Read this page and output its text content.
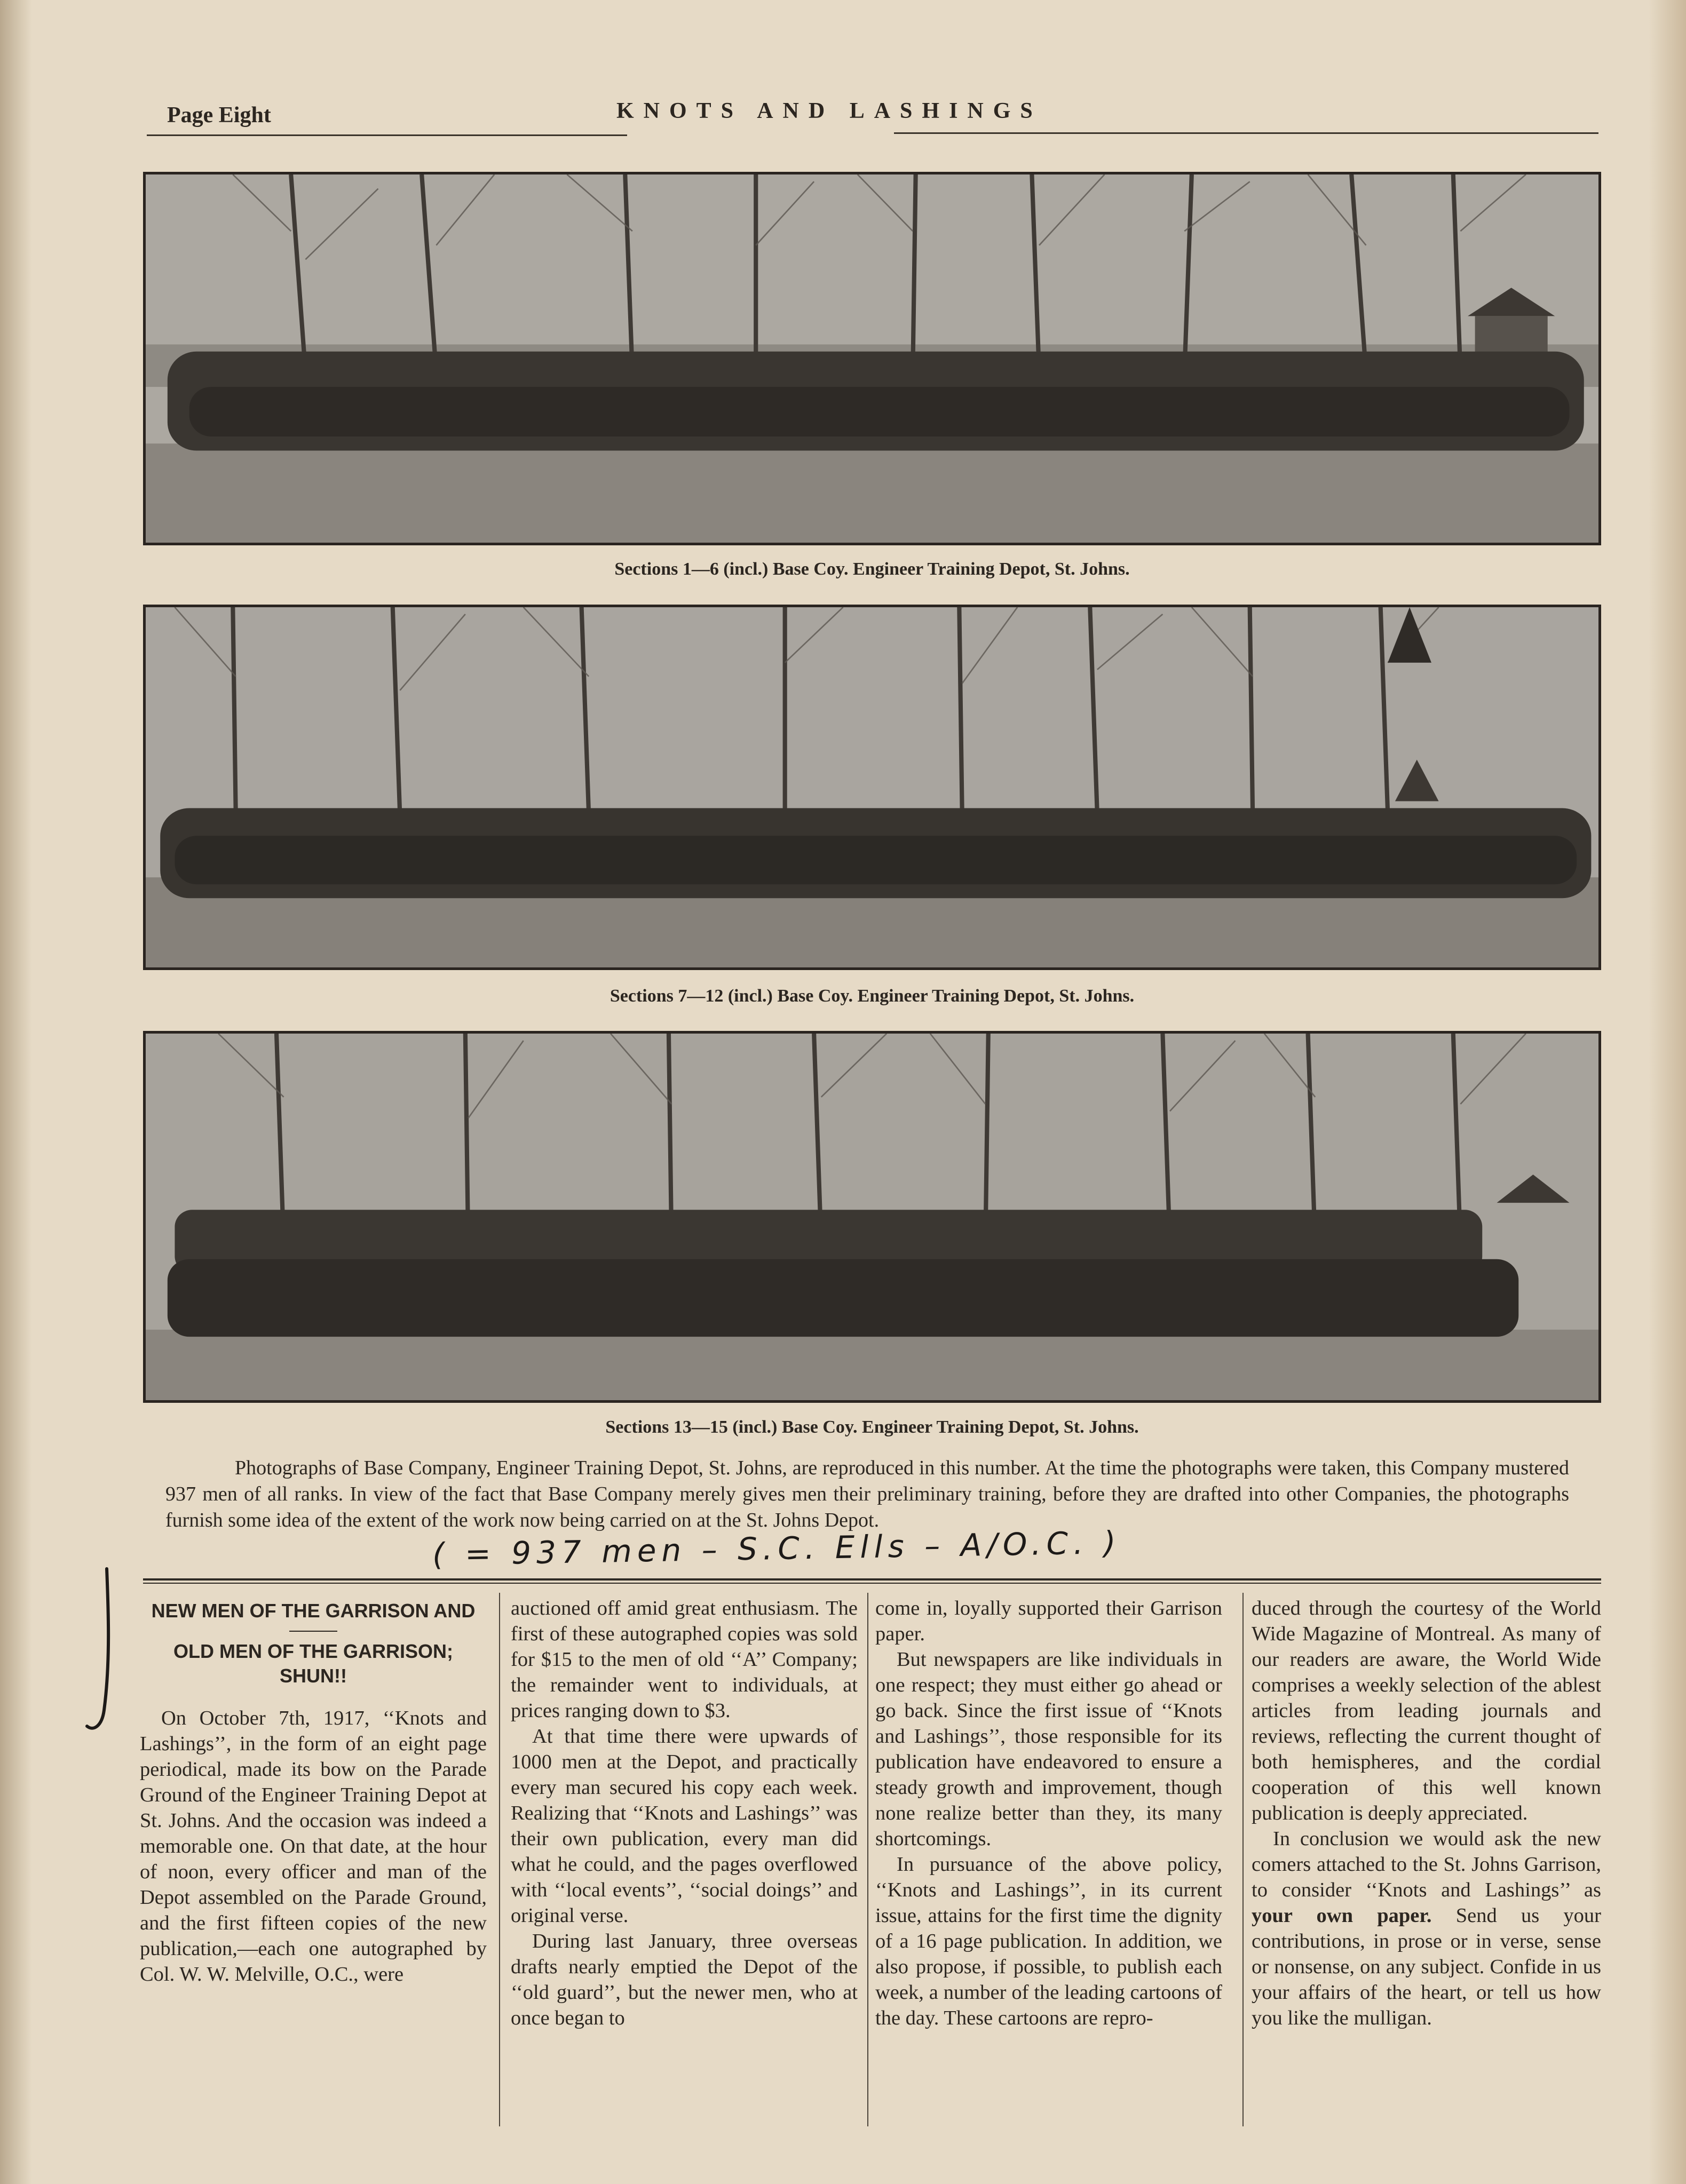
Page Eight	KNOTS AND LASHINGS
Sections 1—6 (incl.) Base Coy. Engineer Training Depot, St. Johns.
Sections 7—12 (incl.) Base Coy. Engineer Training Depot, St. Johns.
Sections 13—15 (incl.) Base Coy. Engineer Training Depot, St. Johns.
Photographs of Base Company, Engineer Training Depot, St. Johns, are reproduced in this number. At the time the photographs were taken, this Company mustered 937 men of all ranks. In view of the fact that Base Company merely gives men their preliminary training, before they are drafted into other Companies, the photographs furnish some idea of the extent of the work now being carried on at the St. Johns Depot.
( = 937 men – S.C. Ells – A/O.C. )
NEW MEN OF THE GARRISON AND
OLD MEN OF THE GARRISON; SHUN!!

On October 7th, 1917, ‘‘Knots and Lashings’’, in the form of an eight page periodical, made its bow on the Parade Ground of the Engineer Training Depot at St. Johns. And the occasion was indeed a memorable one. On that date, at the hour of noon, every officer and man of the Depot assembled on the Parade Ground, and the first fifteen copies of the new publication,—each one autographed by Col. W. W. Melville, O.C., were

auctioned off amid great enthusiasm. The first of these autographed copies was sold for $15 to the men of old ‘‘A’’ Company; the remainder went to individuals, at prices ranging down to $3.

At that time there were upwards of 1000 men at the Depot, and practically every man secured his copy each week. Realizing that ‘‘Knots and Lashings’’ was their own publication, every man did what he could, and the pages overflowed with ‘‘local events’’, ‘‘social doings’’ and original verse.

During last January, three overseas drafts nearly emptied the Depot of the ‘‘old guard’’, but the newer men, who at once began to

come in, loyally supported their Garrison paper.

But newspapers are like individuals in one respect; they must either go ahead or go back. Since the first issue of ‘‘Knots and Lashings’’, those responsible for its publication have endeavored to ensure a steady growth and improvement, though none realize better than they, its many shortcomings.

In pursuance of the above policy, ‘‘Knots and Lashings’’, in its current issue, attains for the first time the dignity of a 16 page publication. In addition, we also propose, if possible, to publish each week, a number of the leading cartoons of the day. These cartoons are repro-

duced through the courtesy of the World Wide Magazine of Montreal. As many of our readers are aware, the World Wide comprises a weekly selection of the ablest articles from leading journals and reviews, reflecting the current thought of both hemispheres, and the cordial cooperation of this well known publication is deeply appreciated.

In conclusion we would ask the new comers attached to the St. Johns Garrison, to consider ‘‘Knots and Lashings’’ as your own paper. Send us your contributions, in prose or in verse, sense or nonsense, on any subject. Confide in us your affairs of the heart, or tell us how you like the mulligan.
